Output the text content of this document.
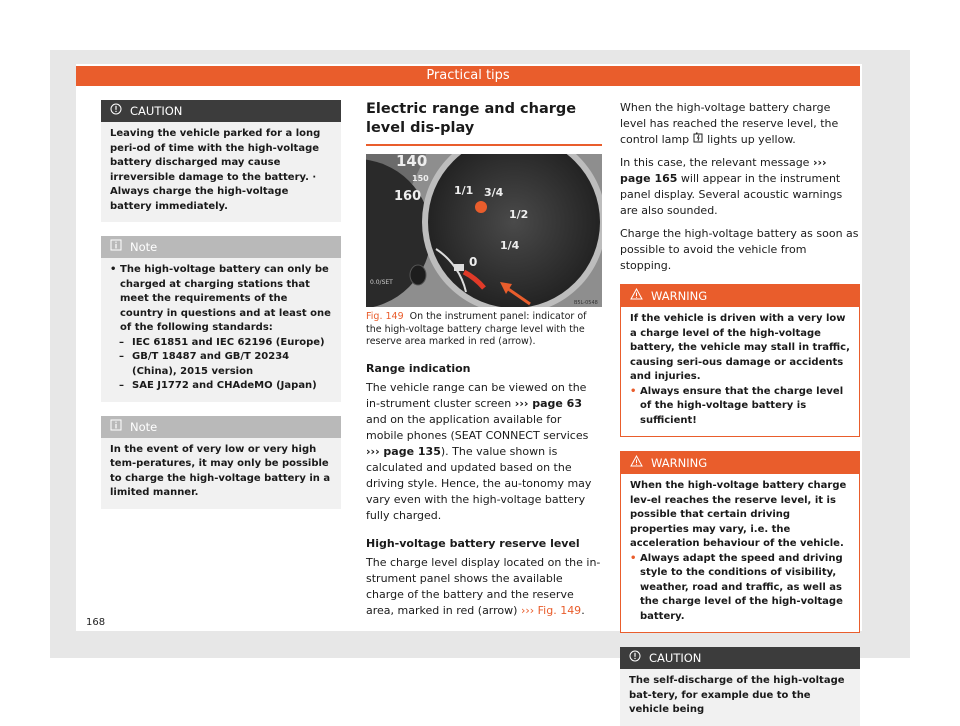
Practical tips
CAUTION
Leaving the vehicle parked for a long peri-od of time with the high-voltage battery discharged may cause irreversible damage to the battery. · Always charge the high-voltage battery immediately.
Note
• The high-voltage battery can only be charged at charging stations that meet the requirements of the country in questions and at least one of the following standards:
– IEC 61851 and IEC 62196 (Europe)
– GB/T 18487 and GB/T 20234 (China), 2015 version
– SAE J1772 and CHAdeMO (Japan)
Note
In the event of very low or very high tem-peratures, it may only be possible to charge the high-voltage battery in a limited manner.
Electric range and charge level dis-play
140
150
160	1/1 3/4
1/2
1/4
0
0.0/SET
B5L-0548
Fig. 149 On the instrument panel: indicator of the high-voltage battery charge level with the reserve area marked in red (arrow).
Range indication
The vehicle range can be viewed on the in-strument cluster screen ››› page 63 and on the application available for mobile phones (SEAT CONNECT services ››› page 135). The value shown is calculated and updated based on the driving style. Hence, the au-tonomy may vary even with the high-voltage battery fully charged.
High-voltage battery reserve level
The charge level display located on the in-strument panel shows the available charge of the battery and the reserve area, marked in red (arrow) ››› Fig. 149.
When the high-voltage battery charge level has reached the reserve level, the control lamp  lights up yellow.
In this case, the relevant message ››› page 165 will appear in the instrument panel display. Several acoustic warnings are also sounded.
Charge the high-voltage battery as soon as possible to avoid the vehicle from stopping.
WARNING
If the vehicle is driven with a very low a charge level of the high-voltage battery, the vehicle may stall in traffic, causing seri-ous damage or accidents and injuries.
• Always ensure that the charge level of the high-voltage battery is sufficient!
WARNING
When the high-voltage battery charge lev-el reaches the reserve level, it is possible that certain driving properties may vary, i.e. the acceleration behaviour of the vehicle.
• Always adapt the speed and driving style to the conditions of visibility, weather, road and traffic, as well as the charge level of the high-voltage battery.
CAUTION
The self-discharge of the high-voltage bat-tery, for example due to the vehicle being
168
